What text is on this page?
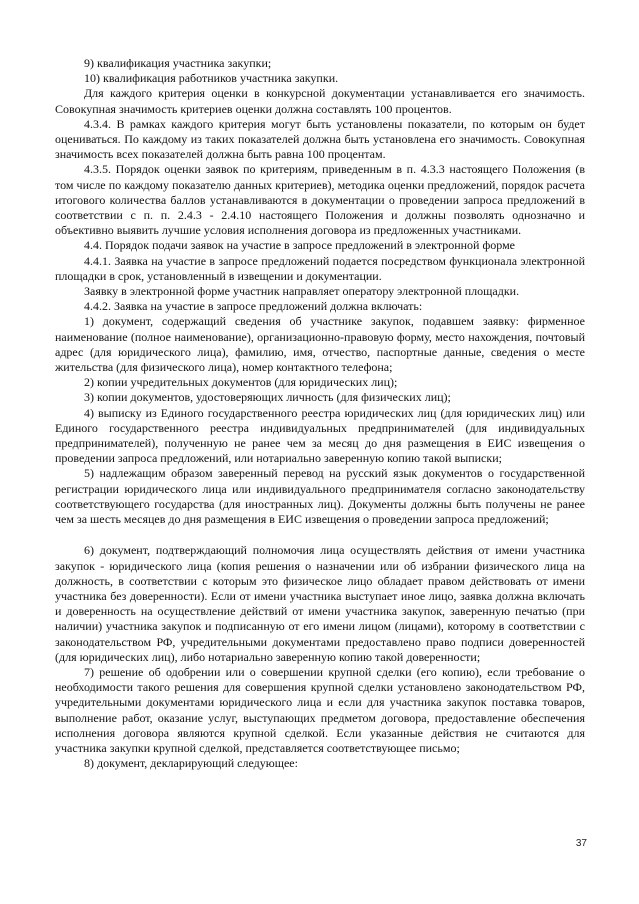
9) квалификация участника закупки;

10) квалификация работников участника закупки.

Для каждого критерия оценки в конкурсной документации устанавливается его значимость. Совокупная значимость критериев оценки должна составлять 100 процентов.

4.3.4. В рамках каждого критерия могут быть установлены показатели, по которым он будет оцениваться. По каждому из таких показателей должна быть установлена его значимость. Совокупная значимость всех показателей должна быть равна 100 процентам.

4.3.5. Порядок оценки заявок по критериям, приведенным в п. 4.3.3 настоящего Положения (в том числе по каждому показателю данных критериев), методика оценки предложений, порядок расчета итогового количества баллов устанавливаются в документации о проведении запроса предложений в соответствии с п. п. 2.4.3 - 2.4.10 настоящего Положения и должны позволять однозначно и объективно выявить лучшие условия исполнения договора из предложенных участниками.

4.4. Порядок подачи заявок на участие в запросе предложений в электронной форме

4.4.1. Заявка на участие в запросе предложений подается посредством функционала электронной площадки в срок, установленный в извещении и документации.

Заявку в электронной форме участник направляет оператору электронной площадки.

4.4.2. Заявка на участие в запросе предложений должна включать:

1) документ, содержащий сведения об участнике закупок, подавшем заявку: фирменное наименование (полное наименование), организационно-правовую форму, место нахождения, почтовый адрес (для юридического лица), фамилию, имя, отчество, паспортные данные, сведения о месте жительства (для физического лица), номер контактного телефона;

2) копии учредительных документов (для юридических лиц);

3) копии документов, удостоверяющих личность (для физических лиц);

4) выписку из Единого государственного реестра юридических лиц (для юридических лиц) или Единого государственного реестра индивидуальных предпринимателей (для индивидуальных предпринимателей), полученную не ранее чем за месяц до дня размещения в ЕИС извещения о проведении запроса предложений, или нотариально заверенную копию такой выписки;

5) надлежащим образом заверенный перевод на русский язык документов о государственной регистрации юридического лица или индивидуального предпринимателя согласно законодательству соответствующего государства (для иностранных лиц). Документы должны быть получены не ранее чем за шесть месяцев до дня размещения в ЕИС извещения о проведении запроса предложений;

6) документ, подтверждающий полномочия лица осуществлять действия от имени участника закупок - юридического лица (копия решения о назначении или об избрании физического лица на должность, в соответствии с которым это физическое лицо обладает правом действовать от имени участника без доверенности). Если от имени участника выступает иное лицо, заявка должна включать и доверенность на осуществление действий от имени участника закупок, заверенную печатью (при наличии) участника закупок и подписанную от его имени лицом (лицами), которому в соответствии с законодательством РФ, учредительными документами предоставлено право подписи доверенностей (для юридических лиц), либо нотариально заверенную копию такой доверенности;

7) решение об одобрении или о совершении крупной сделки (его копию), если требование о необходимости такого решения для совершения крупной сделки установлено законодательством РФ, учредительными документами юридического лица и если для участника закупок поставка товаров, выполнение работ, оказание услуг, выступающих предметом договора, предоставление обеспечения исполнения договора являются крупной сделкой. Если указанные действия не считаются для участника закупки крупной сделкой, представляется соответствующее письмо;

8) документ, декларирующий следующее:

37
